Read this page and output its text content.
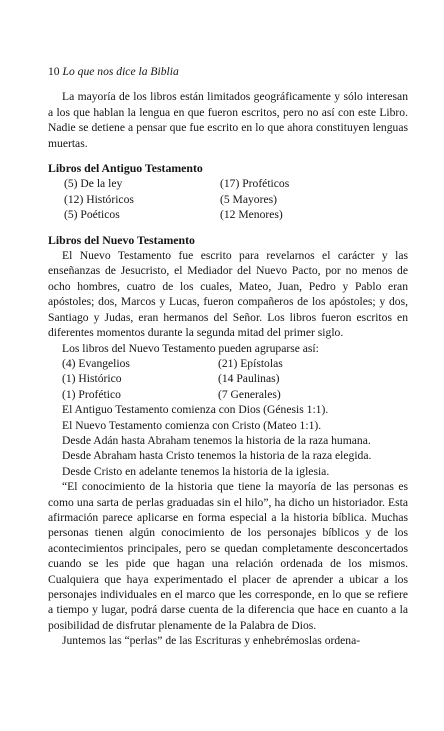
10 Lo que nos dice la Biblia

La mayoría de los libros están limitados geográficamente y sólo interesan a los que hablan la lengua en que fueron escritos, pero no así con este Libro. Nadie se detiene a pensar que fue escrito en lo que ahora constituyen lenguas muertas.

Libros del Antiguo Testamento
(5) De la ley	(17) Proféticos
(12) Históricos	(5 Mayores)
(5) Poéticos	(12 Menores)
Libros del Nuevo Testamento

El Nuevo Testamento fue escrito para revelarnos el carácter y las enseñanzas de Jesucristo, el Mediador del Nuevo Pacto, por no menos de ocho hombres, cuatro de los cuales, Mateo, Juan, Pedro y Pablo eran apóstoles; dos, Marcos y Lucas, fueron compañeros de los apóstoles; y dos, Santiago y Judas, eran hermanos del Señor. Los libros fueron escritos en diferentes momentos durante la segunda mitad del primer siglo.

Los libros del Nuevo Testamento pueden agruparse así:

(4) Evangelios	(21) Epístolas
(1) Histórico	(14 Paulinas)
(1) Profético	(7 Generales)

El Antiguo Testamento comienza con Dios (Génesis 1:1).

El Nuevo Testamento comienza con Cristo (Mateo 1:1).

Desde Adán hasta Abraham tenemos la historia de la raza humana.

Desde Abraham hasta Cristo tenemos la historia de la raza elegida.

Desde Cristo en adelante tenemos la historia de la iglesia.

“El conocimiento de la historia que tiene la mayoría de las personas es como una sarta de perlas graduadas sin el hilo”, ha dicho un historiador. Esta afirmación parece aplicarse en forma especial a la historia bíblica. Muchas personas tienen algún conocimiento de los personajes bíblicos y de los acontecimientos principales, pero se quedan completamente desconcertados cuando se les pide que hagan una relación ordenada de los mismos. Cualquiera que haya experimentado el placer de aprender a ubicar a los personajes individuales en el marco que les corresponde, en lo que se refiere a tiempo y lugar, podrá darse cuenta de la diferencia que hace en cuanto a la posibilidad de disfrutar plenamente de la Palabra de Dios.

Juntemos las “perlas” de las Escrituras y enhebrémoslas ordena-
